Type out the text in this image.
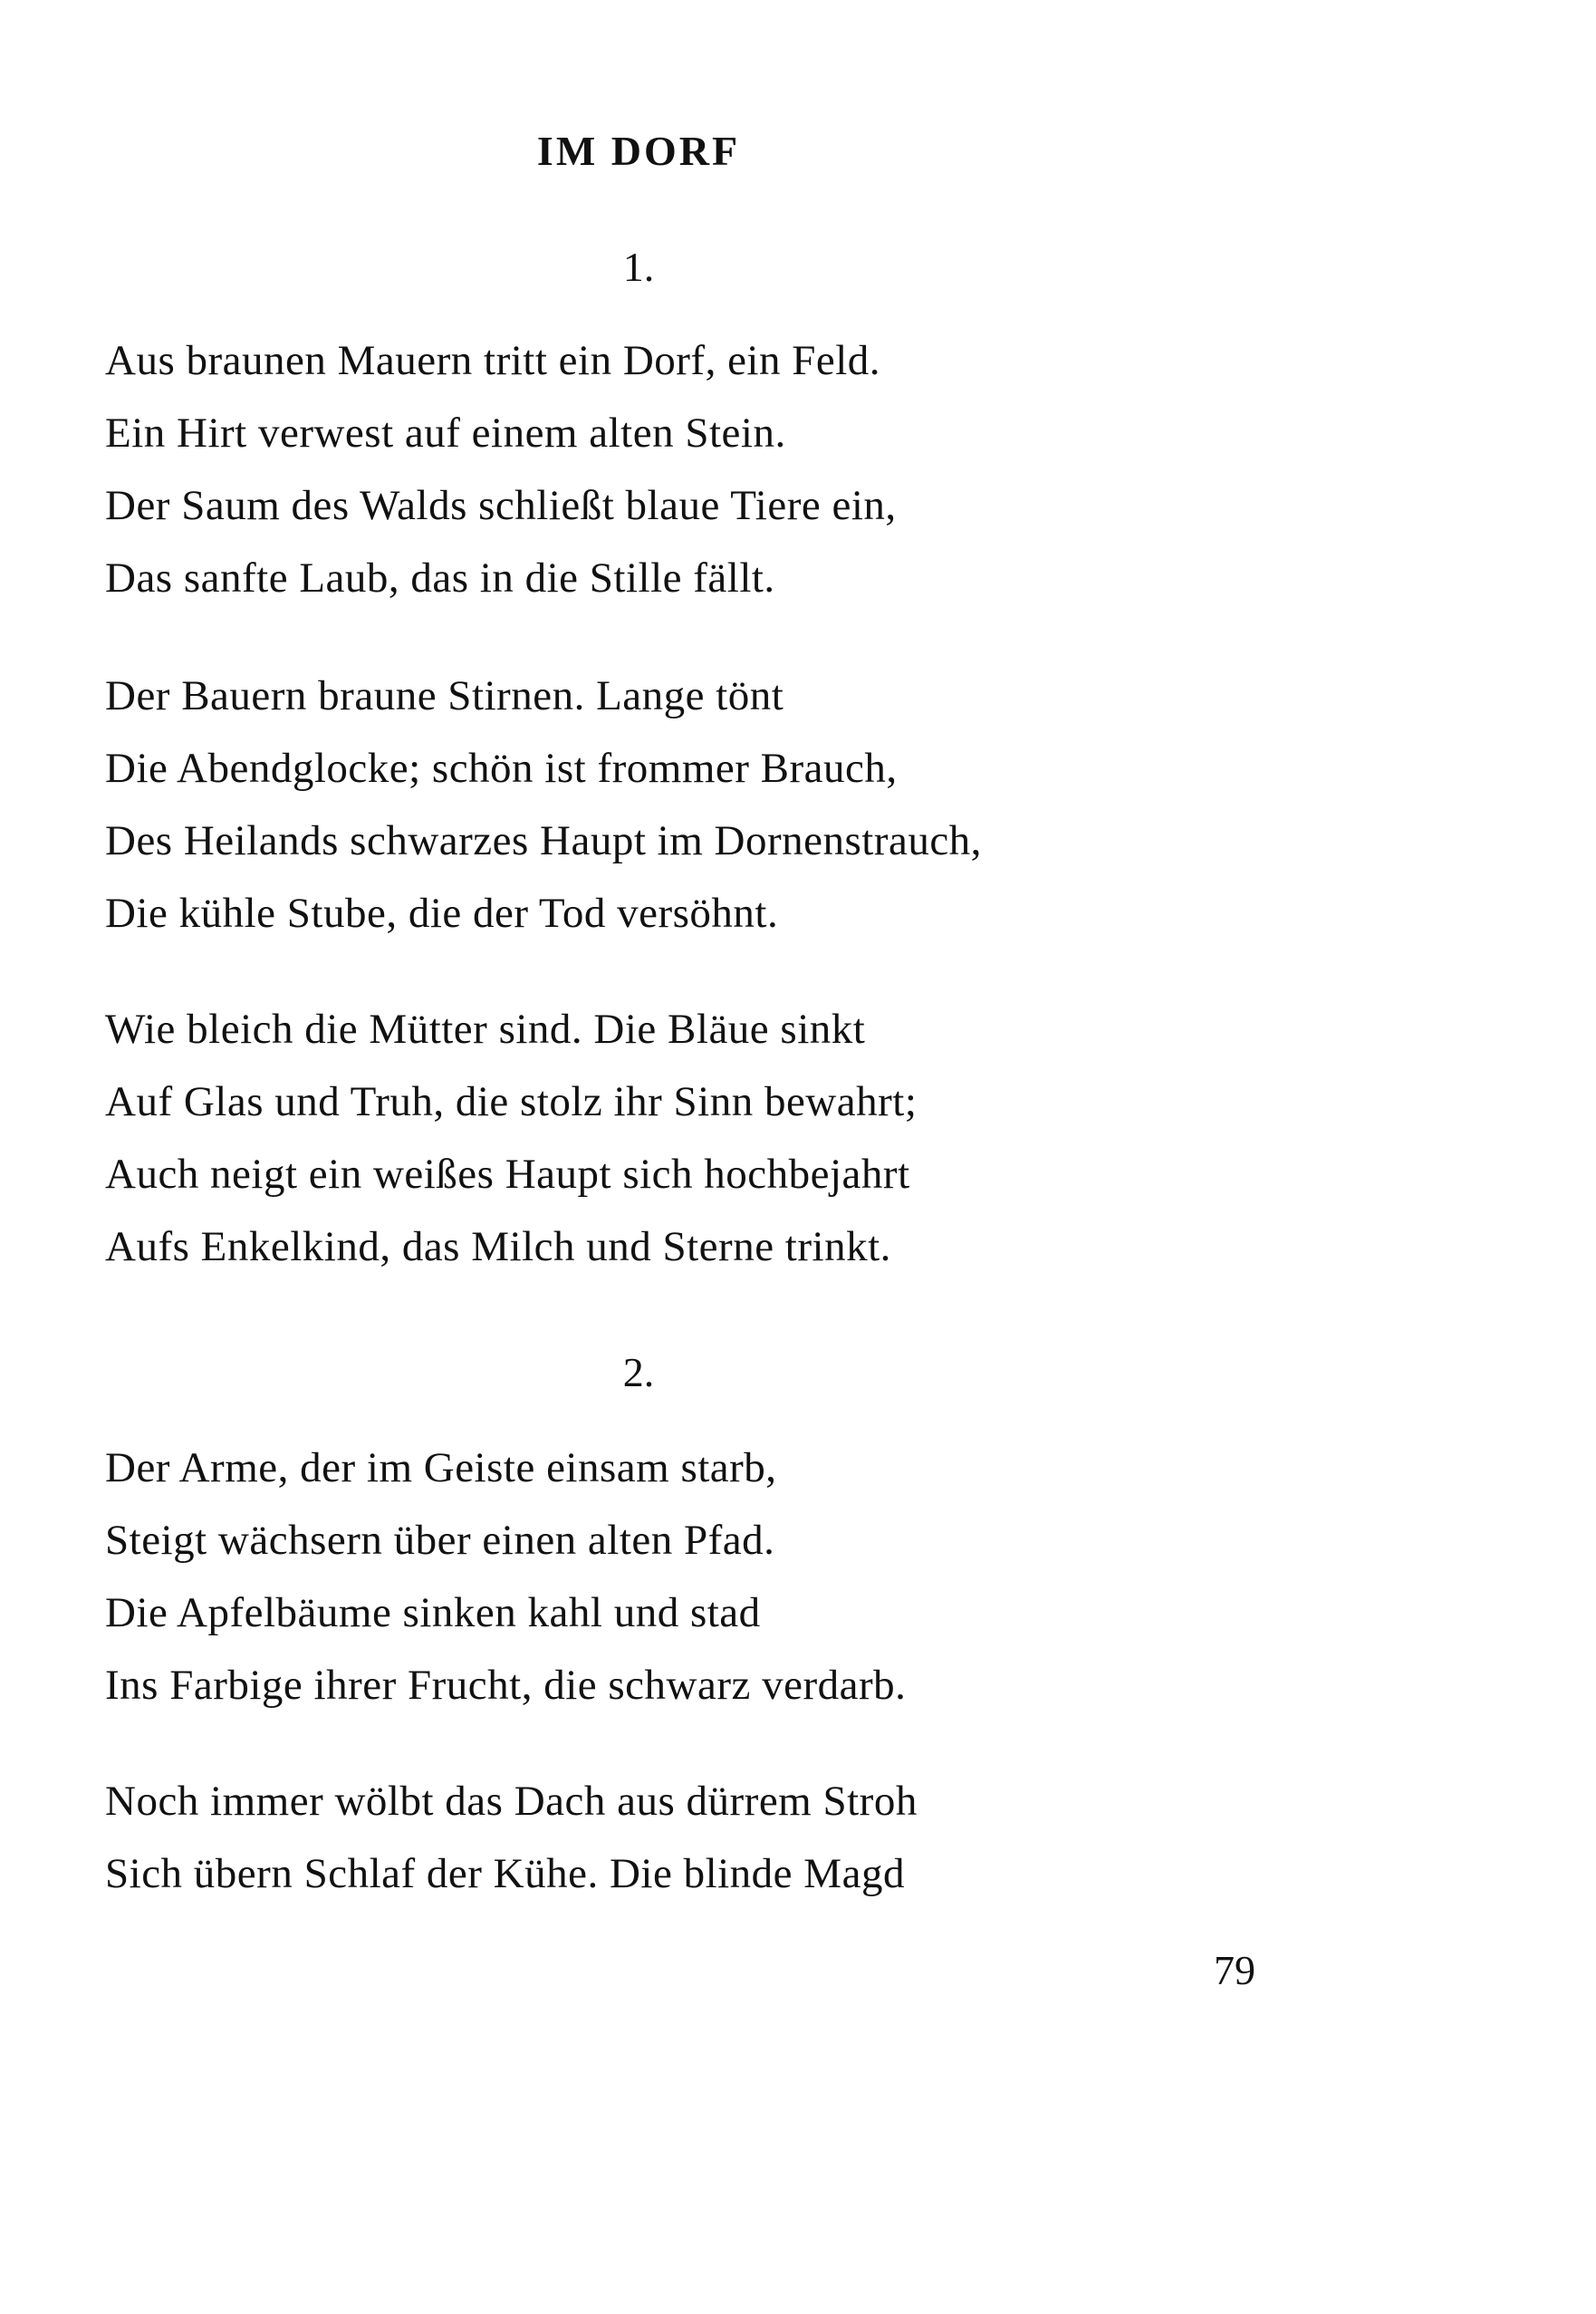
IM DORF

1.

Aus braunen Mauern tritt ein Dorf, ein Feld.
Ein Hirt verwest auf einem alten Stein.
Der Saum des Walds schließt blaue Tiere ein,
Das sanfte Laub, das in die Stille fällt.
Der Bauern braune Stirnen. Lange tönt
Die Abendglocke; schön ist frommer Brauch,
Des Heilands schwarzes Haupt im Dornenstrauch,
Die kühle Stube, die der Tod versöhnt.
Wie bleich die Mütter sind. Die Bläue sinkt
Auf Glas und Truh, die stolz ihr Sinn bewahrt;
Auch neigt ein weißes Haupt sich hochbejahrt
Aufs Enkelkind, das Milch und Sterne trinkt.

2.

Der Arme, der im Geiste einsam starb,
Steigt wächsern über einen alten Pfad.
Die Apfelbäume sinken kahl und stad
Ins Farbige ihrer Frucht, die schwarz verdarb.
Noch immer wölbt das Dach aus dürrem Stroh
Sich übern Schlaf der Kühe. Die blinde Magd

79
